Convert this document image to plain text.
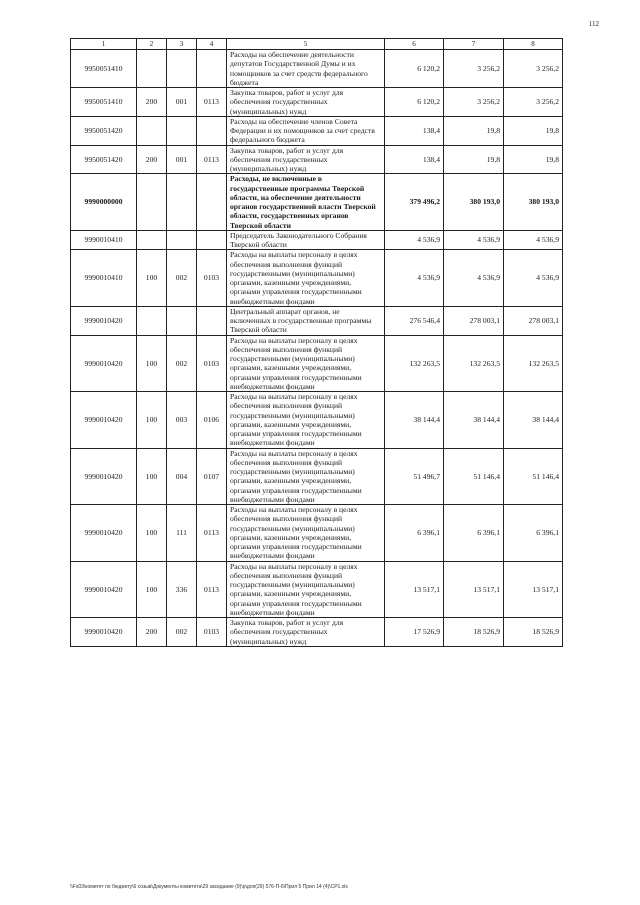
112
1	2	3	4	5	6	7	8
9950051410				Расходы на обеспечение деятельности депутатов Государственной Думы и их помощников за счет средств федерального бюджета	6 120,2	3 256,2	3 256,2
9950051410	200	001	0113	Закупка товаров, работ и услуг для обеспечения государственных (муниципальных) нужд	6 120,2	3 256,2	3 256,2
9950051420				Расходы на обеспечение членов Совета Федерации и их помощников за счет средств федерального бюджета	138,4	19,8	19,8
9950051420	200	001	0113	Закупка товаров, работ и услуг для обеспечения государственных (муниципальных) нужд	138,4	19,8	19,8
9990000000				Расходы, не включенные в государственные программы Тверской области, на обеспечение деятельности органов государственной власти Тверской области, государственных органов Тверской области	379 496,2	380 193,0	380 193,0
9990010410				Председатель Законодательного Собрания Тверской области	4 536,9	4 536,9	4 536,9
9990010410	100	002	0103	Расходы на выплаты персоналу в целях обеспечения выполнения функций государственными (муниципальными) органами, казенными учреждениями, органами управления государственными внебюджетными фондами	4 536,9	4 536,9	4 536,9
9990010420				Центральный аппарат органов, не включенных в государственные программы Тверской области	276 546,4	278 003,1	278 003,1
9990010420	100	002	0103	Расходы на выплаты персоналу в целях обеспечения выполнения функций государственными (муниципальными) органами, казенными учреждениями, органами управления государственными внебюджетными фондами	132 263,5	132 263,5	132 263,5
9990010420	100	003	0106	Расходы на выплаты персоналу в целях обеспечения выполнения функций государственными (муниципальными) органами, казенными учреждениями, органами управления государственными внебюджетными фондами	38 144,4	38 144,4	38 144,4
9990010420	100	004	0107	Расходы на выплаты персоналу в целях обеспечения выполнения функций государственными (муниципальными) органами, казенными учреждениями, органами управления государственными внебюджетными фондами	51 496,7	51 146,4	51 146,4
9990010420	100	111	0113	Расходы на выплаты персоналу в целях обеспечения выполнения функций государственными (муниципальными) органами, казенными учреждениями, органами управления государственными внебюджетными фондами	6 396,1	6 396,1	6 396,1
9990010420	100	336	0113	Расходы на выплаты персоналу в целях обеспечения выполнения функций государственными (муниципальными) органами, казенными учреждениями, органами управления государственными внебюджетными фондами	13 517,1	13 517,1	13 517,1
9990010420	200	002	0103	Закупка товаров, работ и услуг для обеспечения государственных (муниципальных) нужд	17 526,9	18 526,9	18 526,9
\\Fs03\комитет по бюджету\6 созыв\Документы комитета\29 заседание (9)\р\доп(29) 576-П-6\Прил 5 Прил 14 (4)\CP1.xls
